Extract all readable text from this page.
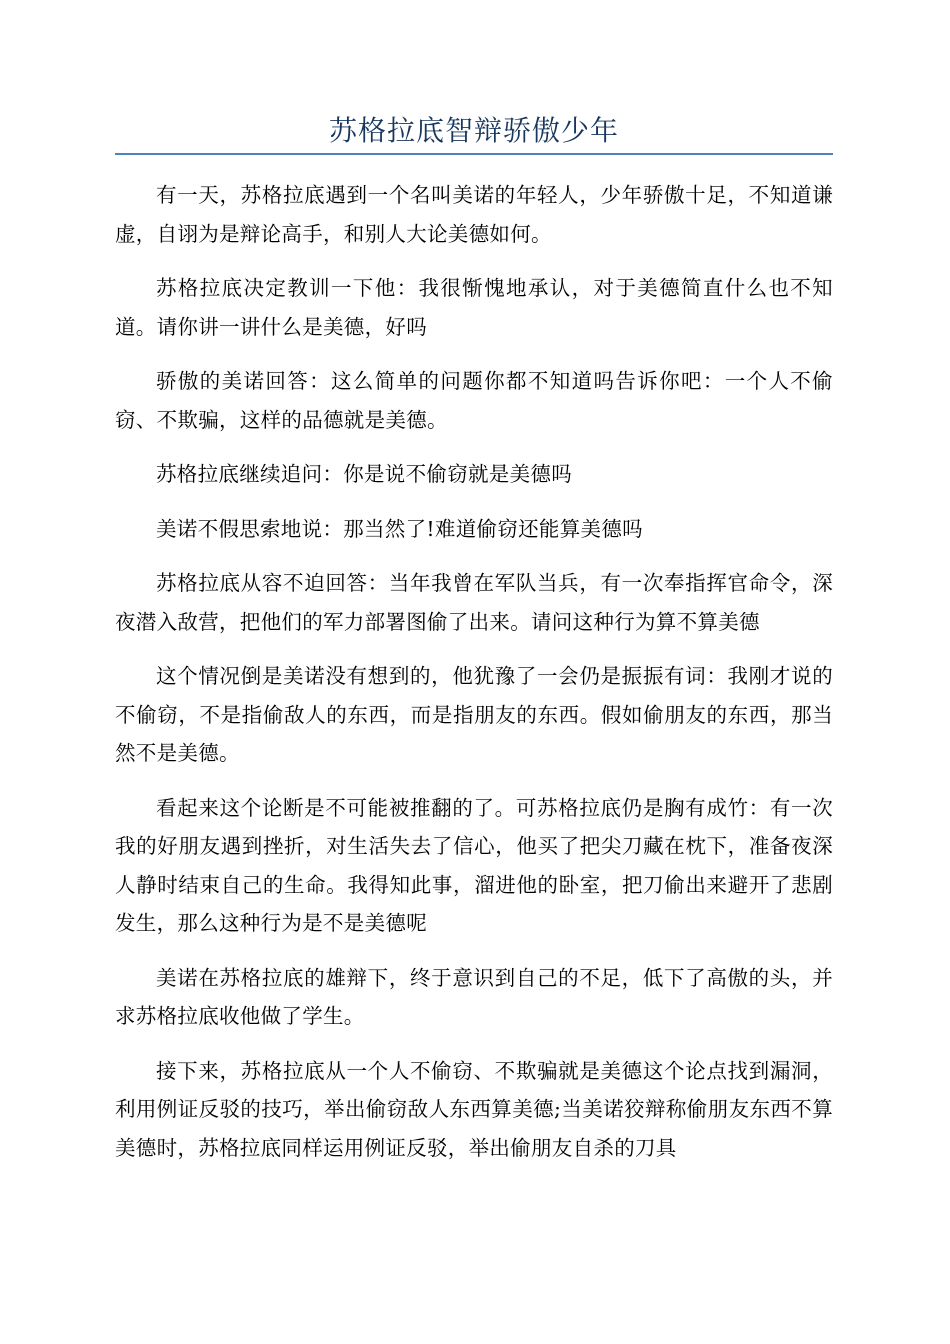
苏格拉底智辩骄傲少年

有一天，苏格拉底遇到一个名叫美诺的年轻人，少年骄傲十足，不知道谦虚，自诩为是辩论高手，和别人大论美德如何。

苏格拉底决定教训一下他：我很惭愧地承认，对于美德简直什么也不知道。请你讲一讲什么是美德，好吗

骄傲的美诺回答：这么简单的问题你都不知道吗告诉你吧：一个人不偷窃、不欺骗，这样的品德就是美德。

苏格拉底继续追问：你是说不偷窃就是美德吗

美诺不假思索地说：那当然了!难道偷窃还能算美德吗

苏格拉底从容不迫回答：当年我曾在军队当兵，有一次奉指挥官命令，深夜潜入敌营，把他们的军力部署图偷了出来。请问这种行为算不算美德

这个情况倒是美诺没有想到的，他犹豫了一会仍是振振有词：我刚才说的不偷窃，不是指偷敌人的东西，而是指朋友的东西。假如偷朋友的东西，那当然不是美德。

看起来这个论断是不可能被推翻的了。可苏格拉底仍是胸有成竹：有一次我的好朋友遇到挫折，对生活失去了信心，他买了把尖刀藏在枕下，准备夜深人静时结束自己的生命。我得知此事，溜进他的卧室，把刀偷出来避开了悲剧发生，那么这种行为是不是美德呢

美诺在苏格拉底的雄辩下，终于意识到自己的不足，低下了高傲的头，并求苏格拉底收他做了学生。

接下来，苏格拉底从一个人不偷窃、不欺骗就是美德这个论点找到漏洞，利用例证反驳的技巧，举出偷窃敌人东西算美德;当美诺狡辩称偷朋友东西不算美德时，苏格拉底同样运用例证反驳，举出偷朋友自杀的刀具
